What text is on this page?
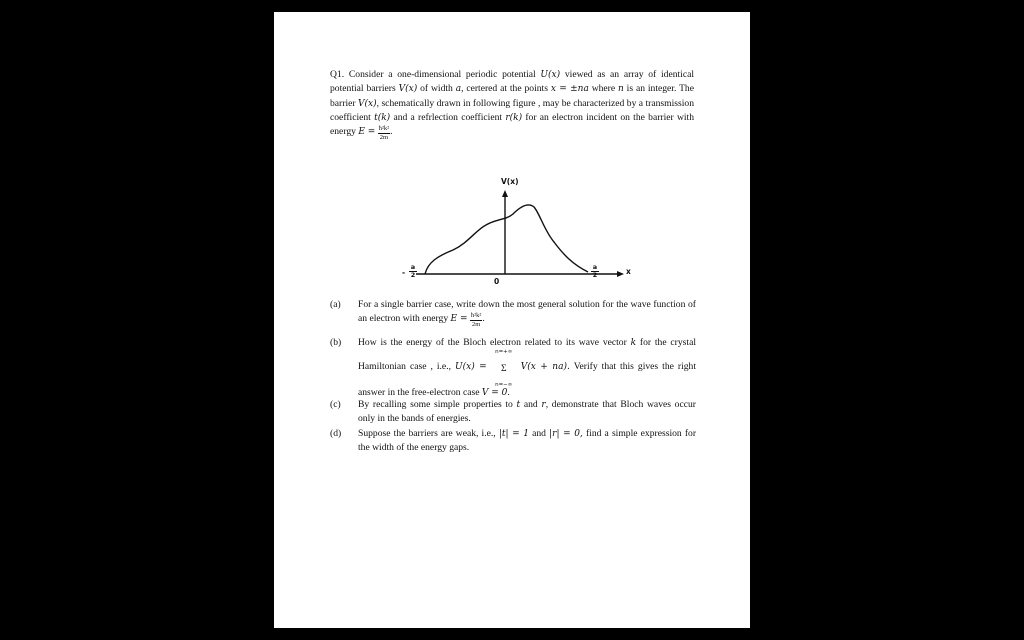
Q1. Consider a one-dimensional periodic potential U(x) viewed as an array of identical potential barriers V(x) of width a, certered at the points x = ±na where n is an integer. The barrier V(x), schematically drawn in following figure , may be characterized by a transmission coefficient t(k) and a refrlection coefficient r(k) for an electron incident on the barrier with energy $E = \frac{\text{ħ²k²}}{2m}$ .

V(x)
x
0
-
a
2
a
2
(a) For a single barrier case, write down the most general solution for the wave function of an electron with energy $E = \frac{\text{ħ²k²}}{2m}$ .
(b) How is the energy of the Bloch electron related to its wave vector k for the crystal Hamiltonian case , i.e., U(x) =
n=+∞
Σ
n=−∞
V(x + na). Verify that this gives the right answer in the free-electron case V = 0.
(c) By recalling some simple properties to t and r, demonstrate that Bloch waves occur only in the bands of energies.
(d) Suppose the barriers are weak, i.e., |t| = 1 and |r| = 0, find a simple expression for the width of the energy gaps.
